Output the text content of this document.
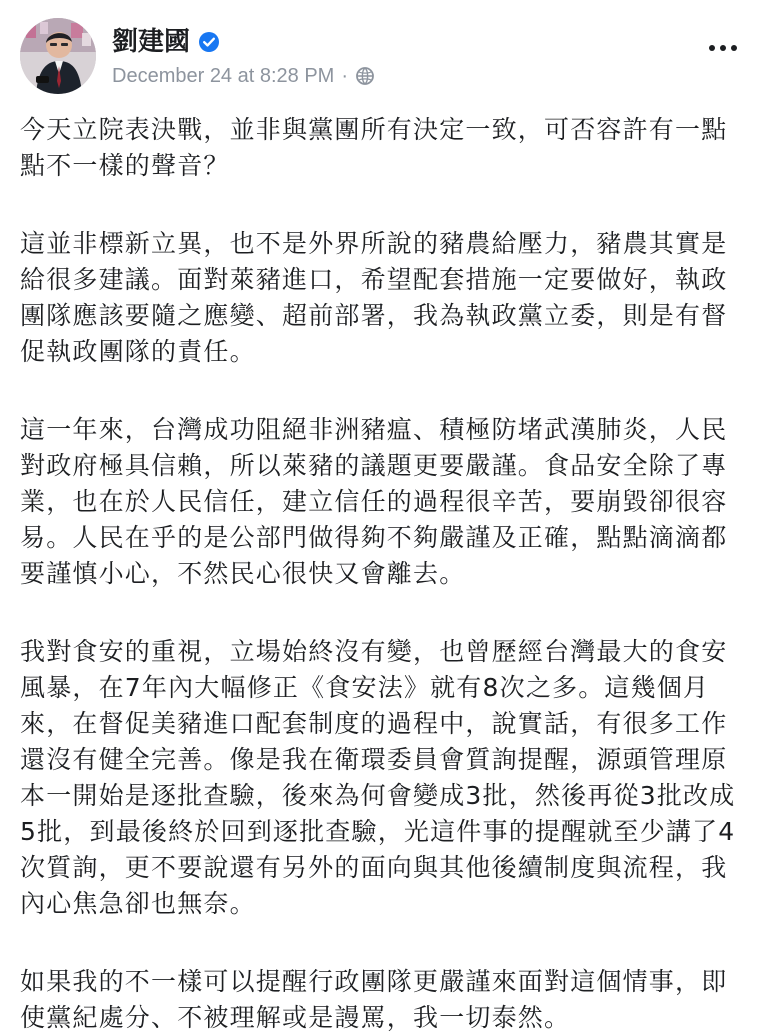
劉建國
December 24 at 8:28 PM ·

今天立院表決戰，並非與黨團所有決定一致，可否容許有一點點不一樣的聲音？

這並非標新立異，也不是外界所說的豬農給壓力，豬農其實是給很多建議。面對萊豬進口，希望配套措施一定要做好，執政團隊應該要隨之應變、超前部署，我為執政黨立委，則是有督促執政團隊的責任。

這一年來，台灣成功阻絕非洲豬瘟、積極防堵武漢肺炎，人民對政府極具信賴，所以萊豬的議題更要嚴謹。食品安全除了專業，也在於人民信任，建立信任的過程很辛苦，要崩毀卻很容易。人民在乎的是公部門做得夠不夠嚴謹及正確，點點滴滴都要謹慎小心，不然民心很快又會離去。

我對食安的重視，立場始終沒有變，也曾歷經台灣最大的食安風暴，在7年內大幅修正《食安法》就有8次之多。這幾個月來，在督促美豬進口配套制度的過程中，說實話，有很多工作還沒有健全完善。像是我在衛環委員會質詢提醒，源頭管理原本一開始是逐批查驗，後來為何會變成3批，然後再從3批改成5批，到最後終於回到逐批查驗，光這件事的提醒就至少講了4次質詢，更不要說還有另外的面向與其他後續制度與流程，我內心焦急卻也無奈。

如果我的不一樣可以提醒行政團隊更嚴謹來面對這個情事，即使黨紀處分、不被理解或是謾罵，我一切泰然。
